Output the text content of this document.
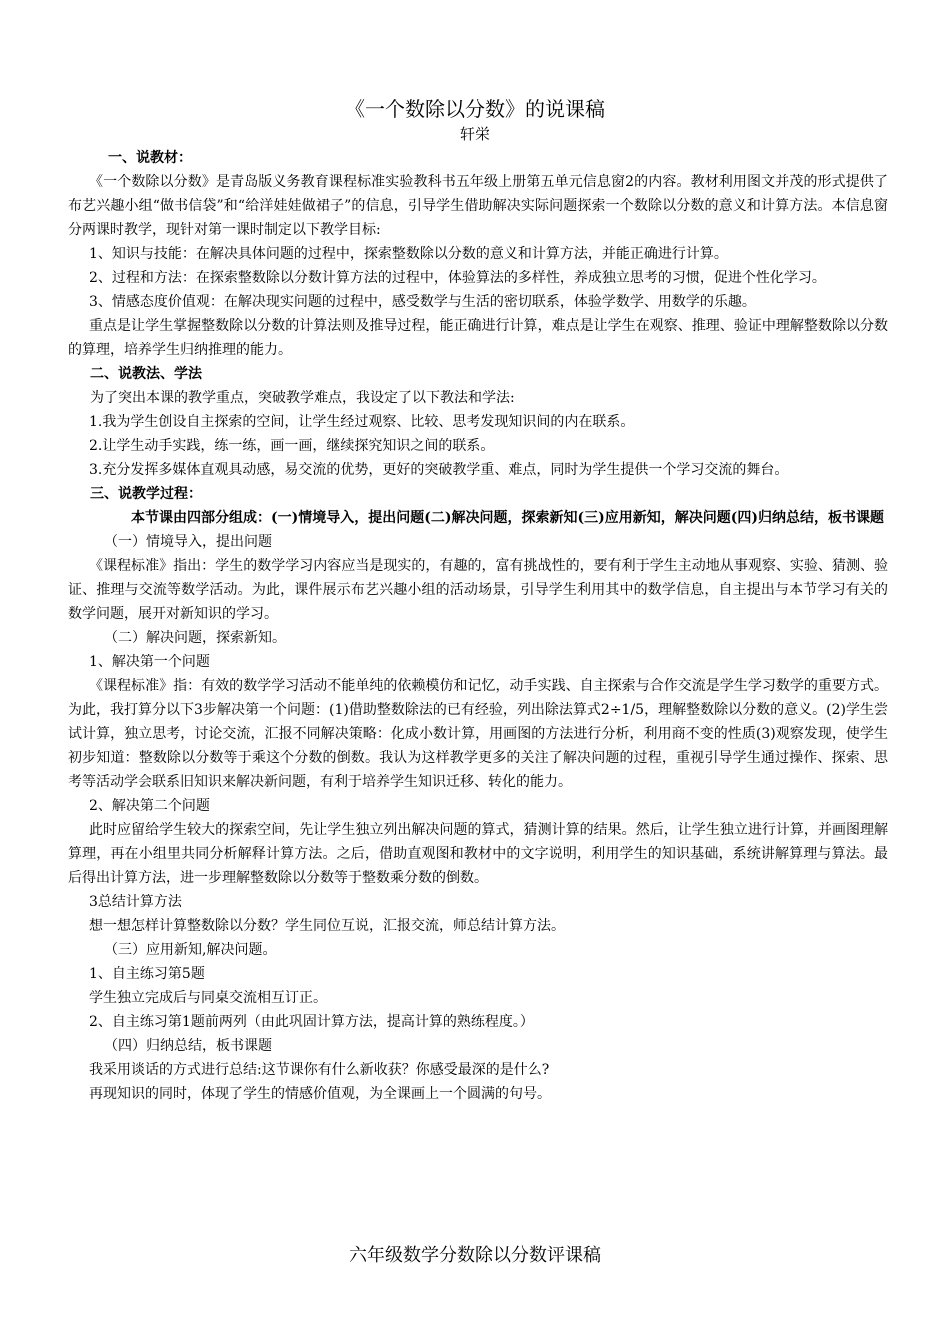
《一个数除以分数》的说课稿
轩栄

一、说教材：

《一个数除以分数》是青岛版义务教育课程标准实验教科书五年级上册第五单元信息窗2的内容。教材利用图文并茂的形式提供了布艺兴趣小组“做书信袋”和“给洋娃娃做裙子”的信息，引导学生借助解决实际问题探索一个数除以分数的意义和计算方法。本信息窗分两课时教学，现针对第一课时制定以下教学目标:

1、知识与技能：在解决具体问题的过程中，探索整数除以分数的意义和计算方法，并能正确进行计算。

2、过程和方法：在探索整数除以分数计算方法的过程中，体验算法的多样性，养成独立思考的习惯，促进个性化学习。

3、情感态度价值观：在解决现实问题的过程中，感受数学与生活的密切联系，体验学数学、用数学的乐趣。

重点是让学生掌握整数除以分数的计算法则及推导过程，能正确进行计算，难点是让学生在观察、推理、验证中理解整数除以分数的算理，培养学生归纳推理的能力。

二、说教法、学法

为了突出本课的教学重点，突破教学难点，我设定了以下教法和学法:

1.我为学生创设自主探索的空间，让学生经过观察、比较、思考发现知识间的内在联系。

2.让学生动手实践，练一练，画一画，继续探究知识之间的联系。

3.充分发挥多媒体直观具动感，易交流的优势，更好的突破教学重、难点，同时为学生提供一个学习交流的舞台。

三、说教学过程：

本节课由四部分组成：(一)情境导入，提出问题(二)解决问题，探索新知(三)应用新知，解决问题(四)归纳总结，板书课题

（一）情境导入，提出问题

《课程标准》指出：学生的数学学习内容应当是现实的，有趣的，富有挑战性的，要有利于学生主动地从事观察、实验、猜测、验证、推理与交流等数学活动。为此，课件展示布艺兴趣小组的活动场景，引导学生利用其中的数学信息，自主提出与本节学习有关的数学问题，展开对新知识的学习。

（二）解决问题，探索新知。

1、解决第一个问题

《课程标准》指：有效的数学学习活动不能单纯的依赖模仿和记忆，动手实践、自主探索与合作交流是学生学习数学的重要方式。为此，我打算分以下3步解决第一个问题：(1)借助整数除法的已有经验，列出除法算式2÷1/5，理解整数除以分数的意义。(2)学生尝试计算，独立思考，讨论交流，汇报不同解决策略：化成小数计算，用画图的方法进行分析，利用商不变的性质(3)观察发现，使学生初步知道：整数除以分数等于乘这个分数的倒数。我认为这样教学更多的关注了解决问题的过程，重视引导学生通过操作、探索、思考等活动学会联系旧知识来解决新问题，有利于培养学生知识迁移、转化的能力。

2、解决第二个问题

此时应留给学生较大的探索空间，先让学生独立列出解决问题的算式，猜测计算的结果。然后，让学生独立进行计算，并画图理解算理，再在小组里共同分析解释计算方法。之后，借助直观图和教材中的文字说明，利用学生的知识基础，系统讲解算理与算法。最后得出计算方法，进一步理解整数除以分数等于整数乘分数的倒数。

3总结计算方法

想一想怎样计算整数除以分数？学生同位互说，汇报交流，师总结计算方法。

（三）应用新知,解决问题。

1、自主练习第5题

学生独立完成后与同桌交流相互订正。

2、自主练习第1题前两列（由此巩固计算方法，提高计算的熟练程度。）

（四）归纳总结，板书课题

我采用谈话的方式进行总结:这节课你有什么新收获？你感受最深的是什么?

再现知识的同时，体现了学生的情感价值观，为全课画上一个圆满的句号。

六年级数学分数除以分数评课稿
